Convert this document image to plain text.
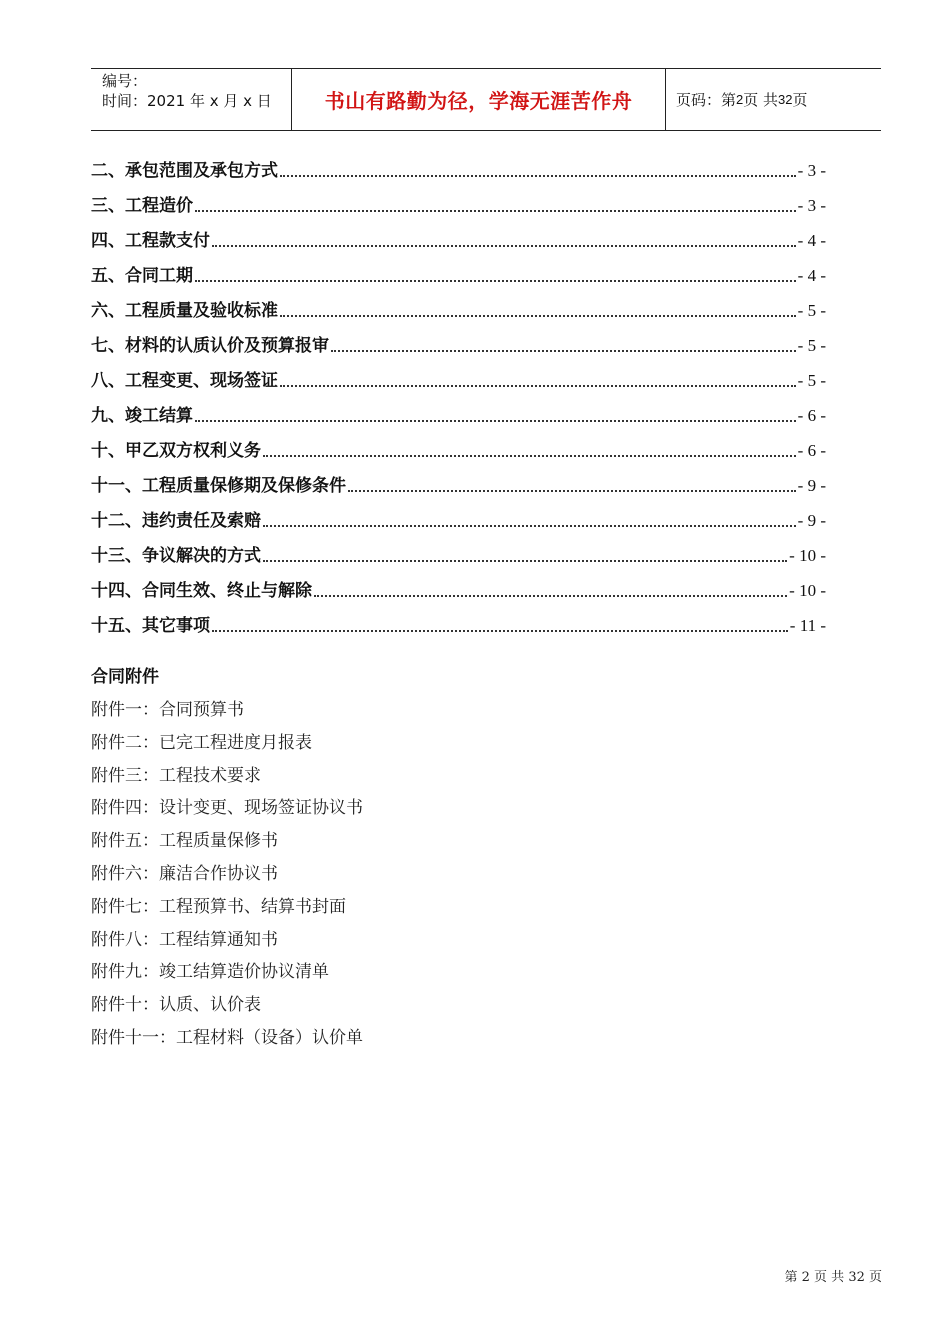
编号：
时间：2021 年 x 月 x 日	书山有路勤为径，学海无涯苦作舟	页码：第 2 页 共 32 页
二、承包范围及承包方式	- 3 -
三、工程造价	- 3 -
四、工程款支付	- 4 -
五、合同工期	- 4 -
六、工程质量及验收标准	- 5 -
七、材料的认质认价及预算报审	- 5 -
八、工程变更、现场签证	- 5 -
九、竣工结算	- 6 -
十、甲乙双方权利义务	- 6 -
十一、工程质量保修期及保修条件	- 9 -
十二、违约责任及索赔	- 9 -
十三、争议解决的方式	- 10 -
十四、合同生效、终止与解除	- 10 -
十五、其它事项	- 11 -
合同附件
附件一：合同预算书
附件二：已完工程进度月报表
附件三：工程技术要求
附件四：设计变更、现场签证协议书
附件五：工程质量保修书
附件六：廉洁合作协议书
附件七：工程预算书、结算书封面
附件八：工程结算通知书
附件九：竣工结算造价协议清单
附件十：认质、认价表
附件十一：工程材料（设备）认价单
第 2 页 共 32 页
